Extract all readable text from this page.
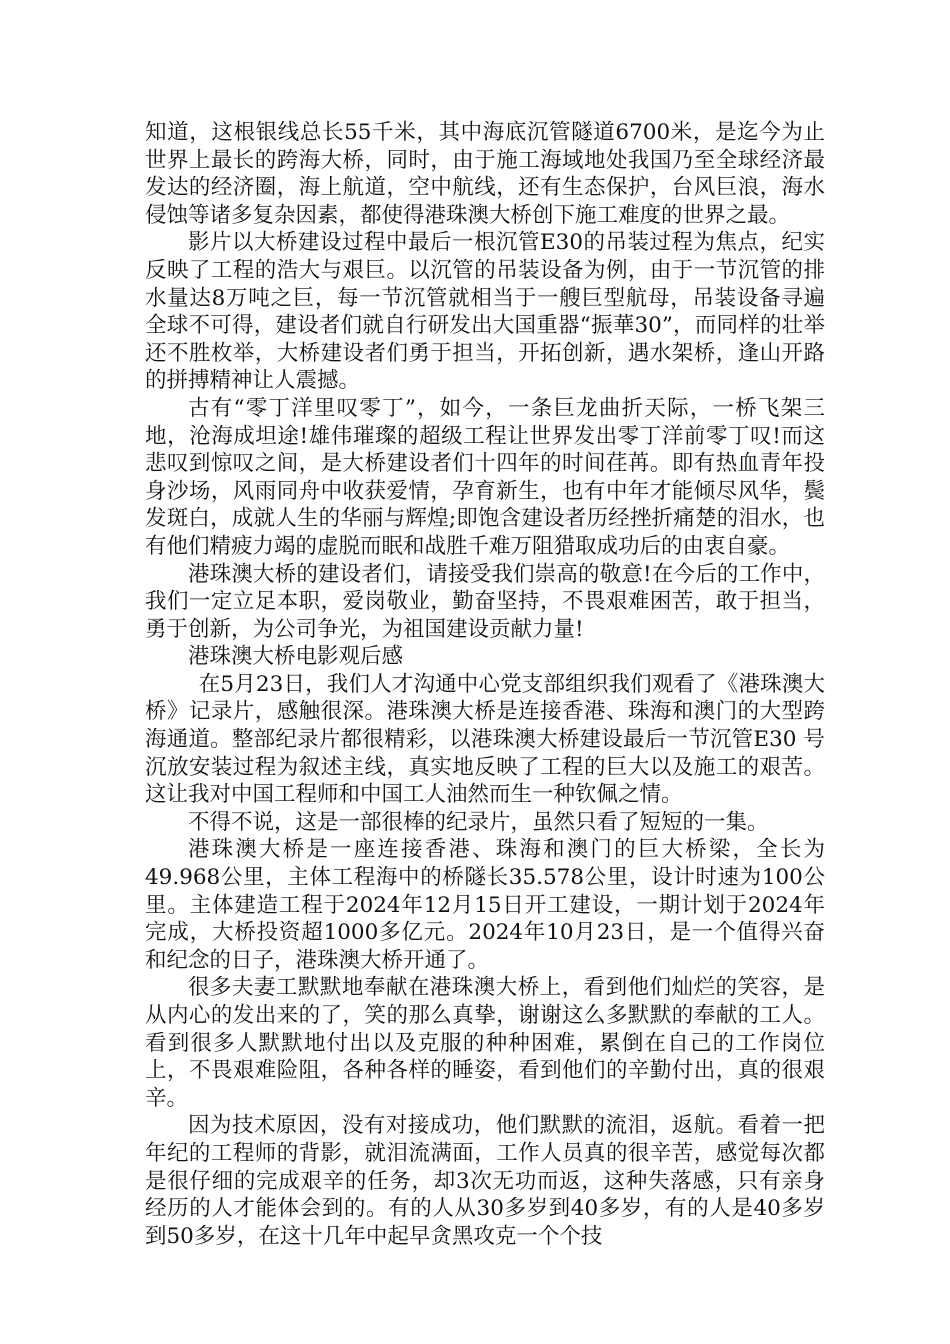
知道，这根银线总长55千米，其中海底沉管隧道6700米，是迄今为止世界上最长的跨海大桥，同时，由于施工海域地处我国乃至全球经济最发达的经济圈，海上航道，空中航线，还有生态保护，台风巨浪，海水侵蚀等诸多复杂因素，都使得港珠澳大桥创下施工难度的世界之最。

影片以大桥建设过程中最后一根沉管E30的吊装过程为焦点，纪实反映了工程的浩大与艰巨。以沉管的吊装设备为例，由于一节沉管的排水量达8万吨之巨，每一节沉管就相当于一艘巨型航母，吊装设备寻遍全球不可得，建设者们就自行研发出大国重器“振華30”，而同样的壮举还不胜枚举，大桥建设者们勇于担当，开拓创新，遇水架桥，逢山开路的拼搏精神让人震撼。

古有“零丁洋里叹零丁”，如今，一条巨龙曲折天际，一桥飞架三地，沧海成坦途!雄伟璀璨的超级工程让世界发出零丁洋前零丁叹!而这悲叹到惊叹之间，是大桥建设者们十四年的时间荏苒。即有热血青年投身沙场，风雨同舟中收获爱情，孕育新生，也有中年才能倾尽风华，鬓发斑白，成就人生的华丽与辉煌;即饱含建设者历经挫折痛楚的泪水，也有他们精疲力竭的虚脱而眠和战胜千难万阻猎取成功后的由衷自豪。

港珠澳大桥的建设者们，请接受我们崇高的敬意!在今后的工作中，我们一定立足本职，爱岗敬业，勤奋坚持，不畏艰难困苦，敢于担当，勇于创新，为公司争光，为祖国建设贡献力量!

港珠澳大桥电影观后感

在5月23日，我们人才沟通中心党支部组织我们观看了《港珠澳大桥》记录片，感触很深。港珠澳大桥是连接香港、珠海和澳门的大型跨海通道。整部纪录片都很精彩，以港珠澳大桥建设最后一节沉管E30 号沉放安装过程为叙述主线，真实地反映了工程的巨大以及施工的艰苦。这让我对中国工程师和中国工人油然而生一种钦佩之情。

不得不说，这是一部很棒的纪录片，虽然只看了短短的一集。

港珠澳大桥是一座连接香港、珠海和澳门的巨大桥梁，全长为49.968公里，主体工程海中的桥隧长35.578公里，设计时速为100公里。主体建造工程于2024年12月15日开工建设，一期计划于2024年完成，大桥投资超1000多亿元。2024年10月23日，是一个值得兴奋和纪念的日子，港珠澳大桥开通了。

很多夫妻工默默地奉献在港珠澳大桥上，看到他们灿烂的笑容，是从内心的发出来的了，笑的那么真挚，谢谢这么多默默的奉献的工人。看到很多人默默地付出以及克服的种种困难，累倒在自己的工作岗位上，不畏艰难险阻，各种各样的睡姿，看到他们的辛勤付出，真的很艰辛。

因为技术原因，没有对接成功，他们默默的流泪，返航。看着一把年纪的工程师的背影，就泪流满面，工作人员真的很辛苦，感觉每次都是很仔细的完成艰辛的任务，却3次无功而返，这种失落感，只有亲身经历的人才能体会到的。有的人从30多岁到40多岁，有的人是40多岁到50多岁，在这十几年中起早贪黑攻克一个个技
